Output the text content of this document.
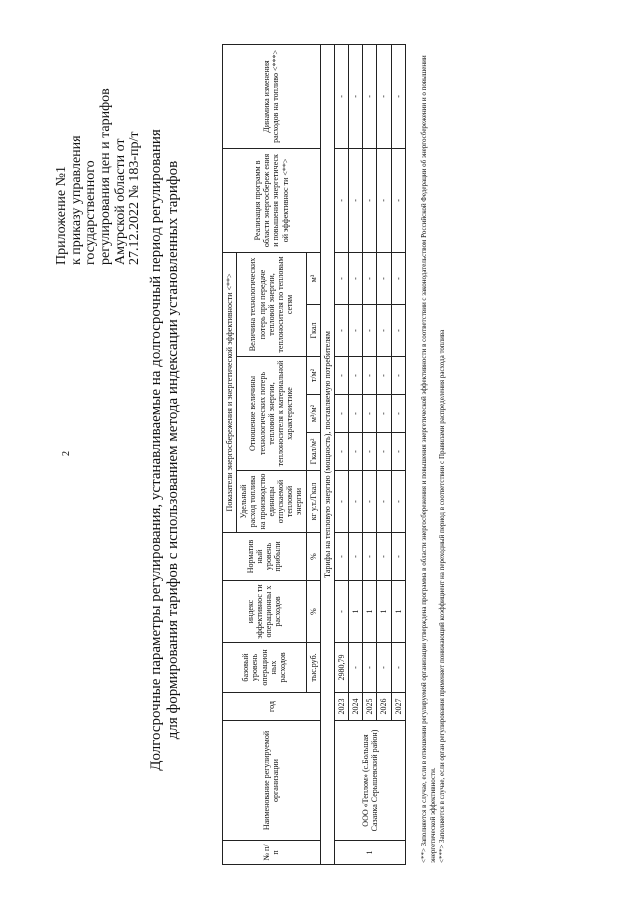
2
Приложение №1 к приказу управления государственного регулирования цен и тарифов Амурской области от 27.12.2022 № 183-пр/т Долгосрочные параметры регулирования, устанавливаемые на долгосрочный период регулирования для формирования тарифов с использованием метода индексации установленных тарифов
№ п/ п	Наименование регулируемой организации	год	базовый уровень операцион ных расходов	индекс эффективнос ти операционны х расходов	Норматив ный уровень прибыли	Показатели энергосбережения и энергетической эффективности <**>						Реализация программ в области энергосбереж ения и повышения энергетическ ой эффективнос ти <**>	Динамика изменения расходов на топливо <***>
						Удельный расход топлива на производство единицы отпускаемой тепловой энергии	Отношение величины технологических потерь тепловой энергии, теплоносителя к материальной характеристике			Величина технологических потерь при передаче тепловой энергии, теплоносителя по тепловым сетям			
			тыс.руб.	%	%	кг у.т./Гкал	Гкал/м²	м³/м²	т/м²	Гкал	м³		
Тарифы на тепловую энергию (мощность), поставляемую потребителям													
1	ООО «Теплом» (с.Большая Сазанка Серышевский район)	2023	2980,79	-	-	-	-	-	-	-	-	-	-
		2024	-	1	-	-	-	-	-	-	-	-	-
		2025	-	1	-	-	-	-	-	-	-	-	-
		2026	-	1	-	-	-	-	-	-	-	-	-
		2027	-	1	-	-	-	-	-	-	-	-	- <**> Заполняется в случае, если в отношении регулируемой организации утверждена программа в области энергосбережения и повышения энергетической эффективности в соответствии с законодательством Российской Федерации об энергосбережении и о повышении энергетической эффективности. <***> Заполняется в случае, если орган регулирования применяет понижающий коэффициент на переходный период в соответствии с Правилами распределения расхода топлива
